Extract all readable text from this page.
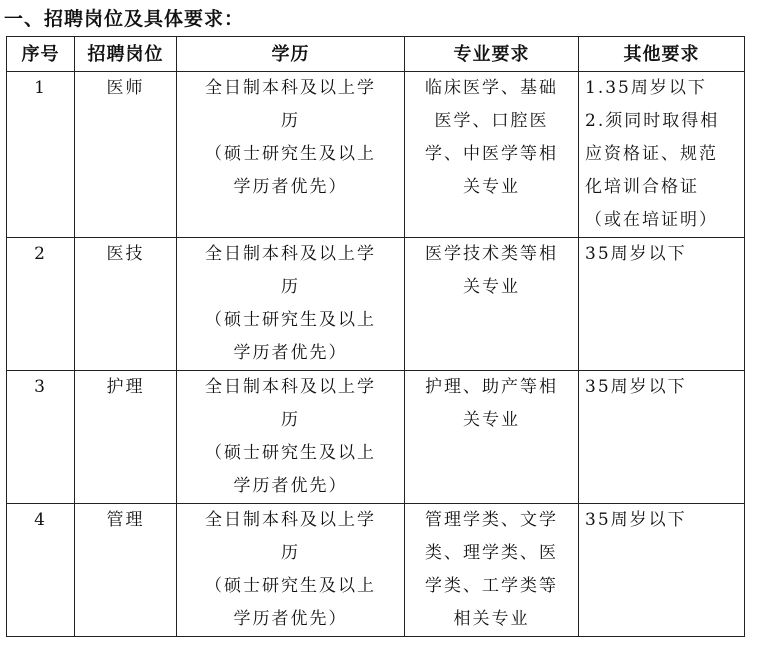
一、招聘岗位及具体要求：
序号	招聘岗位	学历	专业要求	其他要求
1	医师	全日制本科及以上学
历
（硕士研究生及以上
学历者优先）	临床医学、基础
医学、口腔医
学、中医学等相
关专业	1.35周岁以下
2.须同时取得相
应资格证、规范
化培训合格证
（或在培证明）

2	医技	全日制本科及以上学
历
（硕士研究生及以上
学历者优先）	医学技术类等相
关专业	35周岁以下

3	护理	全日制本科及以上学
历
（硕士研究生及以上
学历者优先）	护理、助产等相
关专业	35周岁以下

4	管理	全日制本科及以上学
历
（硕士研究生及以上
学历者优先）	管理学类、文学
类、理学类、医
学类、工学类等
相关专业	35周岁以下
